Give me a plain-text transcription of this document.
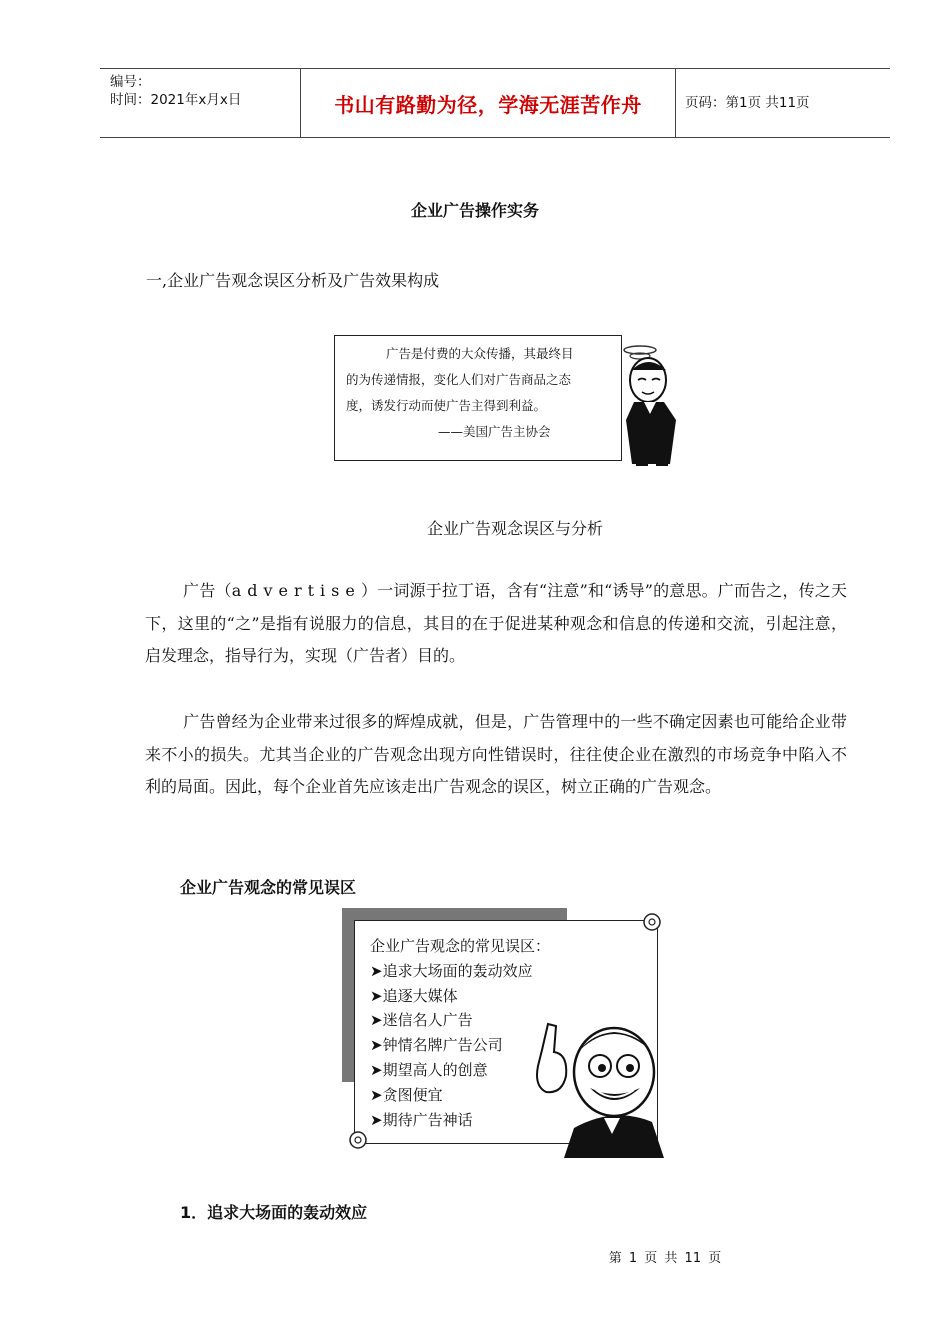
编号：
时间：2021年x月x日	书山有路勤为径，学海无涯苦作舟	页码：第1页 共11页
企业广告操作实务
一,企业广告观念误区分析及广告效果构成
广告是付费的大众传播，其最终目
的为传递情报，变化人们对广告商品之态
度，诱发行动而使广告主得到利益。
——美国广告主协会
企业广告观念误区与分析
广告（advertise）一词源于拉丁语，含有“注意”和“诱导”的意思。广而告之，传之天下，这里的“之”是指有说服力的信息，其目的在于促进某种观念和信息的传递和交流，引起注意，启发理念，指导行为，实现（广告者）目的。
广告曾经为企业带来过很多的辉煌成就，但是，广告管理中的一些不确定因素也可能给企业带来不小的损失。尤其当企业的广告观念出现方向性错误时，往往使企业在激烈的市场竞争中陷入不利的局面。因此，每个企业首先应该走出广告观念的误区，树立正确的广告观念。
企业广告观念的常见误区
企业广告观念的常见误区：
➤追求大场面的轰动效应
➤追逐大媒体
➤迷信名人广告
➤钟情名牌广告公司
➤期望高人的创意
➤贪图便宜
➤期待广告神话
1．追求大场面的轰动效应
第 1 页 共 11 页
